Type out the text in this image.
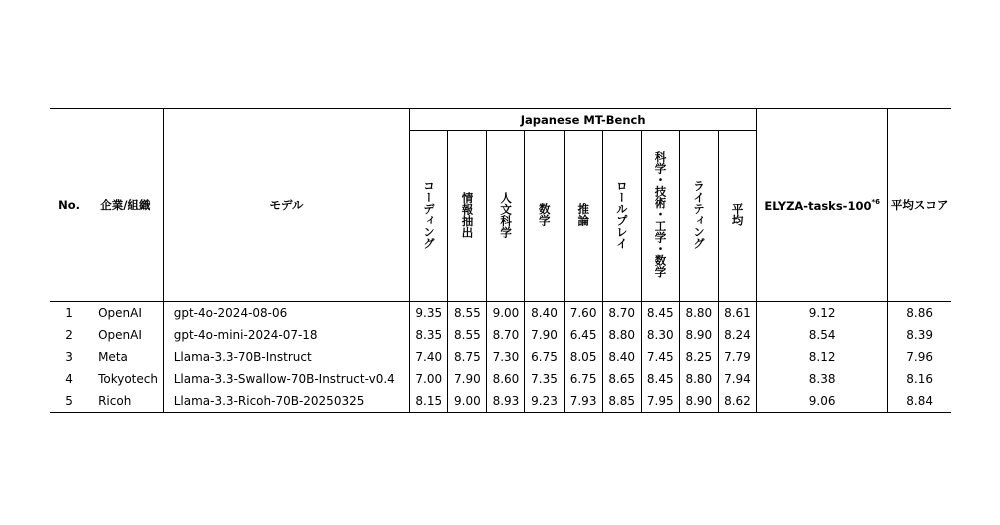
No.	企業/組織	モデル	Japanese MT-Bench									ELYZA-tasks-100$^{*6}$	平均スコア
			コーディング	情報抽出	人文科学	数学	推論	ロールプレイ	科学・技術・工学・数学	ライティング	平均		
1	OpenAI	gpt-4o-2024-08-06	9.35	8.55	9.00	8.40	7.60	8.70	8.45	8.80	8.61	9.12	8.86
2	OpenAI	gpt-4o-mini-2024-07-18	8.35	8.55	8.70	7.90	6.45	8.80	8.30	8.90	8.24	8.54	8.39
3	Meta	Llama-3.3-70B-Instruct	7.40	8.75	7.30	6.75	8.05	8.40	7.45	8.25	7.79	8.12	7.96
4	Tokyotech	Llama-3.3-Swallow-70B-Instruct-v0.4	7.00	7.90	8.60	7.35	6.75	8.65	8.45	8.80	7.94	8.38	8.16
5	Ricoh	Llama-3.3-Ricoh-70B-20250325	8.15	9.00	8.93	9.23	7.93	8.85	7.95	8.90	8.62	9.06	8.84
